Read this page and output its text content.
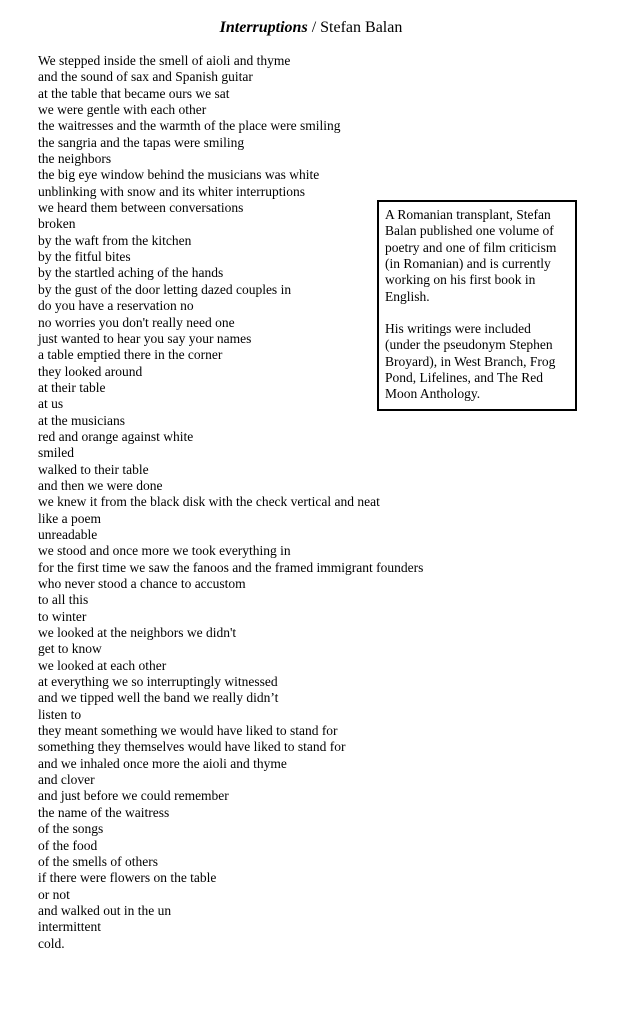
Interruptions / Stefan Balan
We stepped inside the smell of aioli and thyme
and the sound of sax and Spanish guitar
at the table that became ours we sat
we were gentle with each other
the waitresses and the warmth of the place were smiling
the sangria and the tapas were smiling
the neighbors
the big eye window behind the musicians was white
unblinking with snow and its whiter interruptions
we heard them between conversations
broken
by the waft from the kitchen
by the fitful bites
by the startled aching of the hands
by the gust of the door letting dazed couples in
do you have a reservation no
no worries you don't really need one
just wanted to hear you say your names
a table emptied there in the corner
they looked around
at their table
at us
at the musicians
red and orange against white
smiled
walked to their table
and then we were done
we knew it from the black disk with the check vertical and neat
like a poem
unreadable
we stood and once more we took everything in
for the first time we saw the fanoos and the framed immigrant founders
who never stood a chance to accustom
to all this
to winter
we looked at the neighbors we didn't
get to know
we looked at each other
at everything we so interruptingly witnessed
and we tipped well the band we really didn’t
listen to
they meant something we would have liked to stand for
something they themselves would have liked to stand for
and we inhaled once more the aioli and thyme
and clover
and just before we could remember
the name of the waitress
of the songs
of the food
of the smells of others
if there were flowers on the table
or not
and walked out in the un
intermittent
cold.

A Romanian transplant, Stefan Balan published one volume of poetry and one of film criticism (in Romanian) and is currently working on his first book in English.

His writings were included (under the pseudonym Stephen Broyard), in West Branch, Frog Pond, Lifelines, and The Red Moon Anthology.
